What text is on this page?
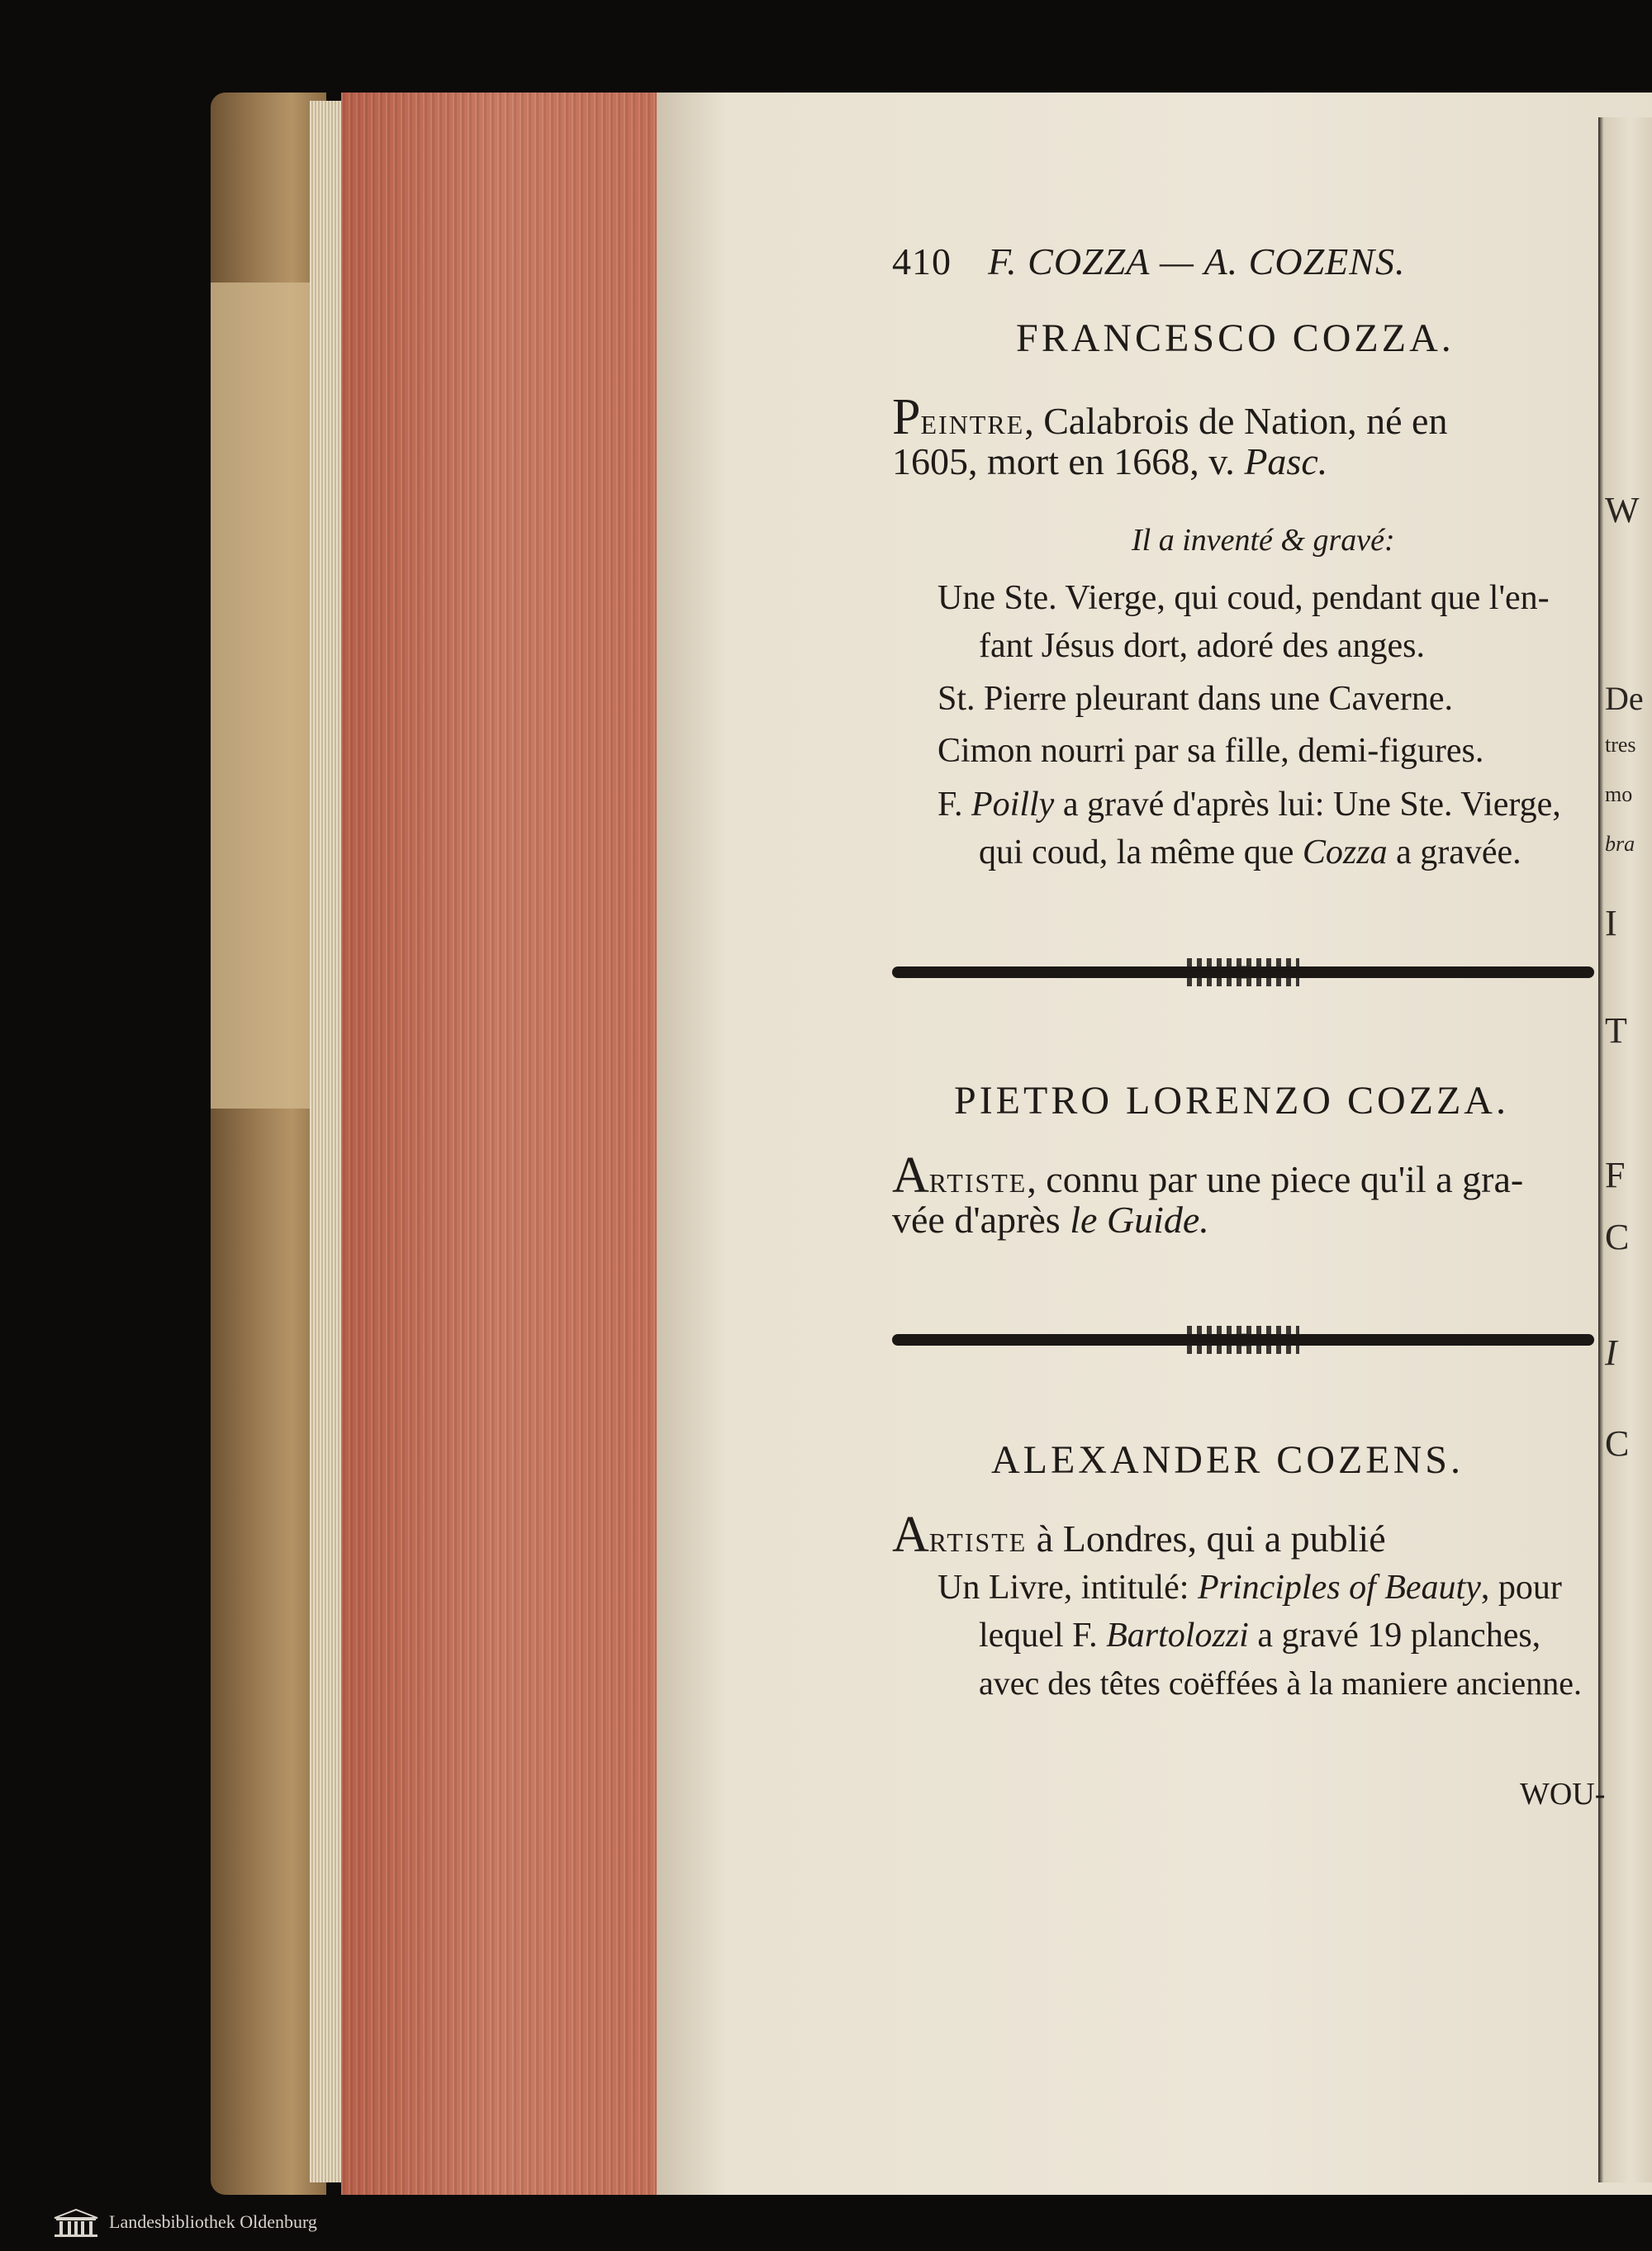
W
De
tres
mo
bra
I
T
F
C
I
C
410 F. COZZA — A. COZENS.
FRANCESCO COZZA.
Peintre, Calabrois de Nation, né en
1605, mort en 1668, v. Pasc.
Il a inventé & gravé:
Une Ste. Vierge, qui coud, pendant que l'en-
fant Jésus dort, adoré des anges.
St. Pierre pleurant dans une Caverne.
Cimon nourri par sa fille, demi-figures.
F. Poilly a gravé d'après lui: Une Ste. Vierge,
qui coud, la même que Cozza a gravée.
PIETRO LORENZO COZZA.
Artiste, connu par une piece qu'il a gra-
vée d'après le Guide.
ALEXANDER COZENS.
Artiste à Londres, qui a publié
Un Livre, intitulé: Principles of Beauty, pour
lequel F. Bartolozzi a gravé 19 planches,
avec des têtes coëffées à la maniere ancienne.
WOU-
Landesbibliothek Oldenburg
